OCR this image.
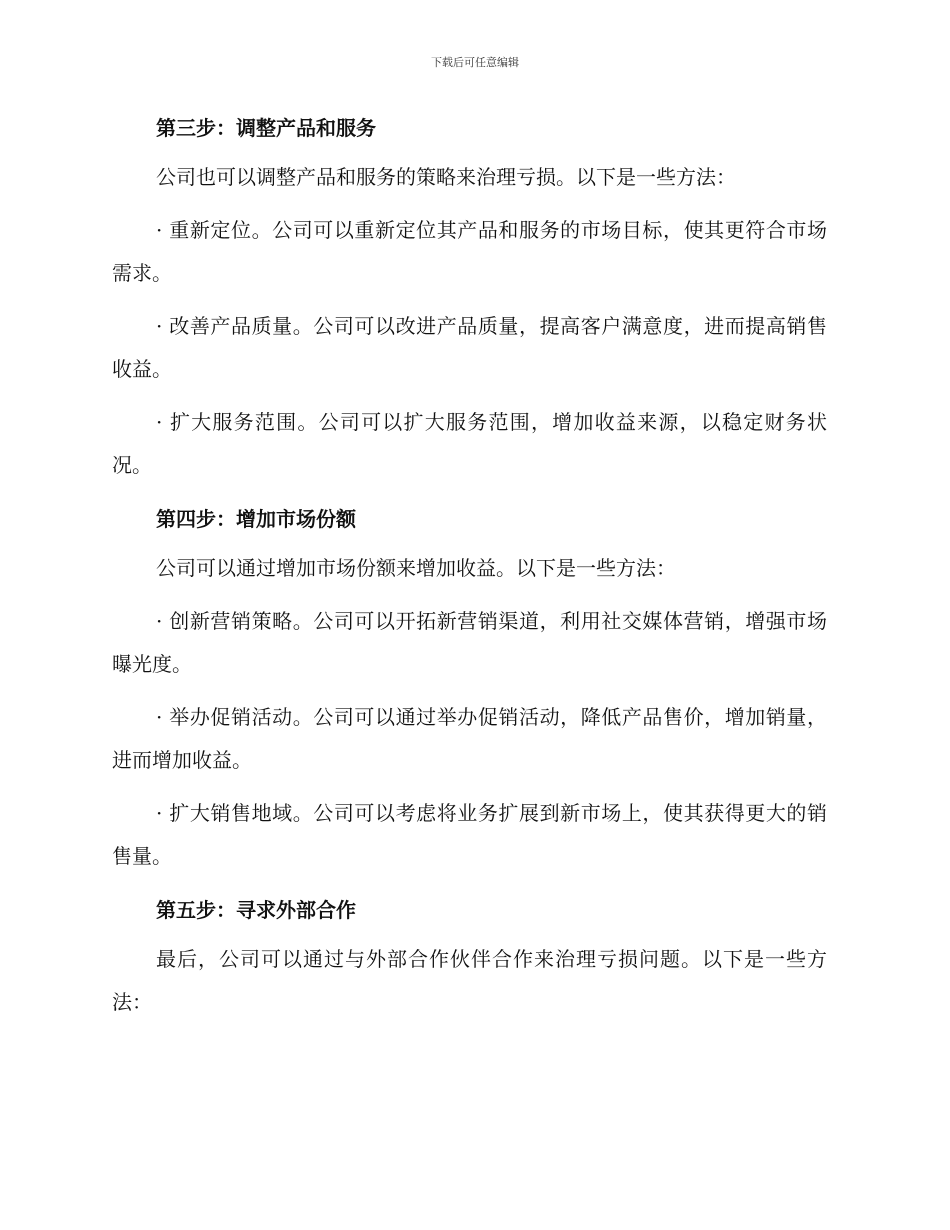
下载后可任意编辑
第三步：调整产品和服务
公司也可以调整产品和服务的策略来治理亏损。以下是一些方法：
· 重新定位。公司可以重新定位其产品和服务的市场目标，使其更符合市场需求。
· 改善产品质量。公司可以改进产品质量，提高客户满意度，进而提高销售收益。
· 扩大服务范围。公司可以扩大服务范围，增加收益来源，以稳定财务状况。
第四步：增加市场份额
公司可以通过增加市场份额来增加收益。以下是一些方法：
· 创新营销策略。公司可以开拓新营销渠道，利用社交媒体营销，增强市场曝光度。
· 举办促销活动。公司可以通过举办促销活动，降低产品售价，增加销量，进而增加收益。
· 扩大销售地域。公司可以考虑将业务扩展到新市场上，使其获得更大的销售量。
第五步：寻求外部合作
最后，公司可以通过与外部合作伙伴合作来治理亏损问题。以下是一些方法：
